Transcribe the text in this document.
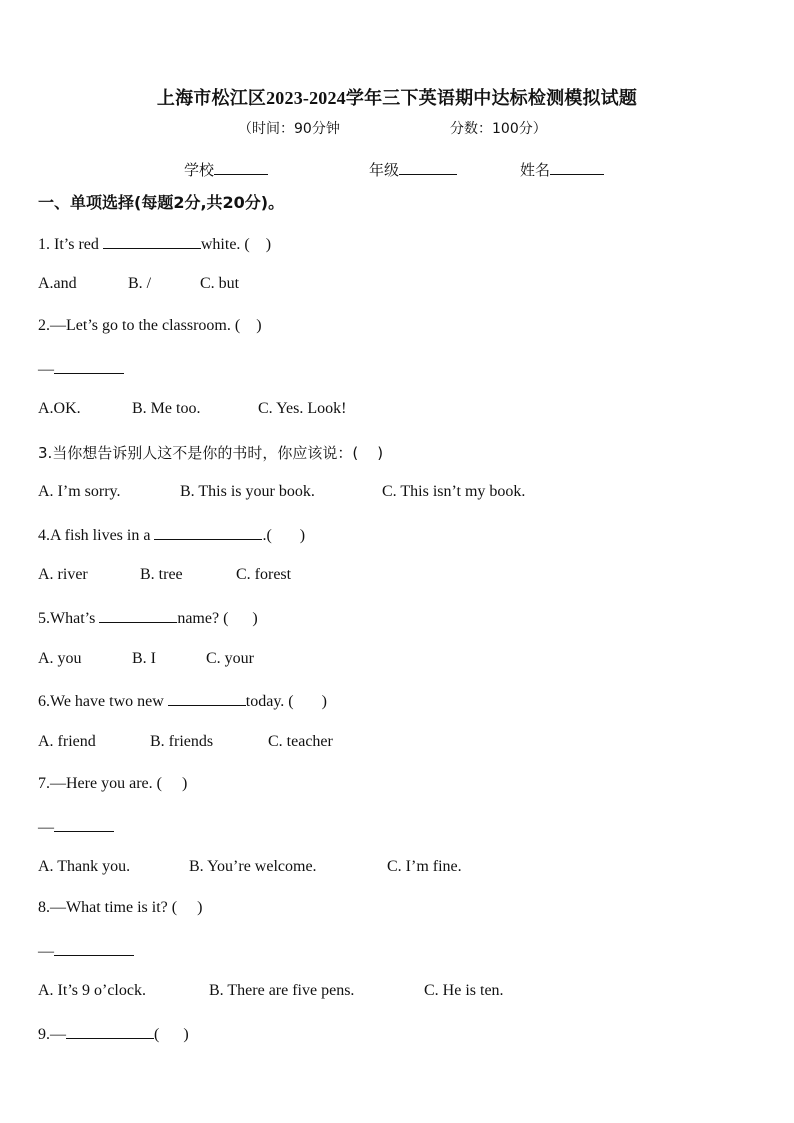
上海市松江区2023-2024学年三下英语期中达标检测模拟试题
（时间：90分钟	分数：100分）
学校	年级	姓名
一、单项选择(每题2分,共20分)。
1. It’s red	white. (    )
A.and	B. /	C. but
2.—Let’s go to the classroom. (    )
—
A.OK.	B. Me too.	C. Yes. Look!
3.当你想告诉别人这不是你的书时，你应该说：(    )
A. I’m sorry.	B. This is your book.	C. This isn’t my book.
4.A fish lives in a	.(       )
A. river	B. tree	C. forest
5.What’s	name? (      )
A. you	B. I	C. your
6.We have two new	today. (       )
A. friend	B. friends	C. teacher
7.—Here you are. (     )
—
A. Thank you.	B. You’re welcome.	C. I’m fine.
8.—What time is it? (     )
—
A. It’s 9 o’clock.	B. There are five pens.	C. He is ten.
9.—	(      )
